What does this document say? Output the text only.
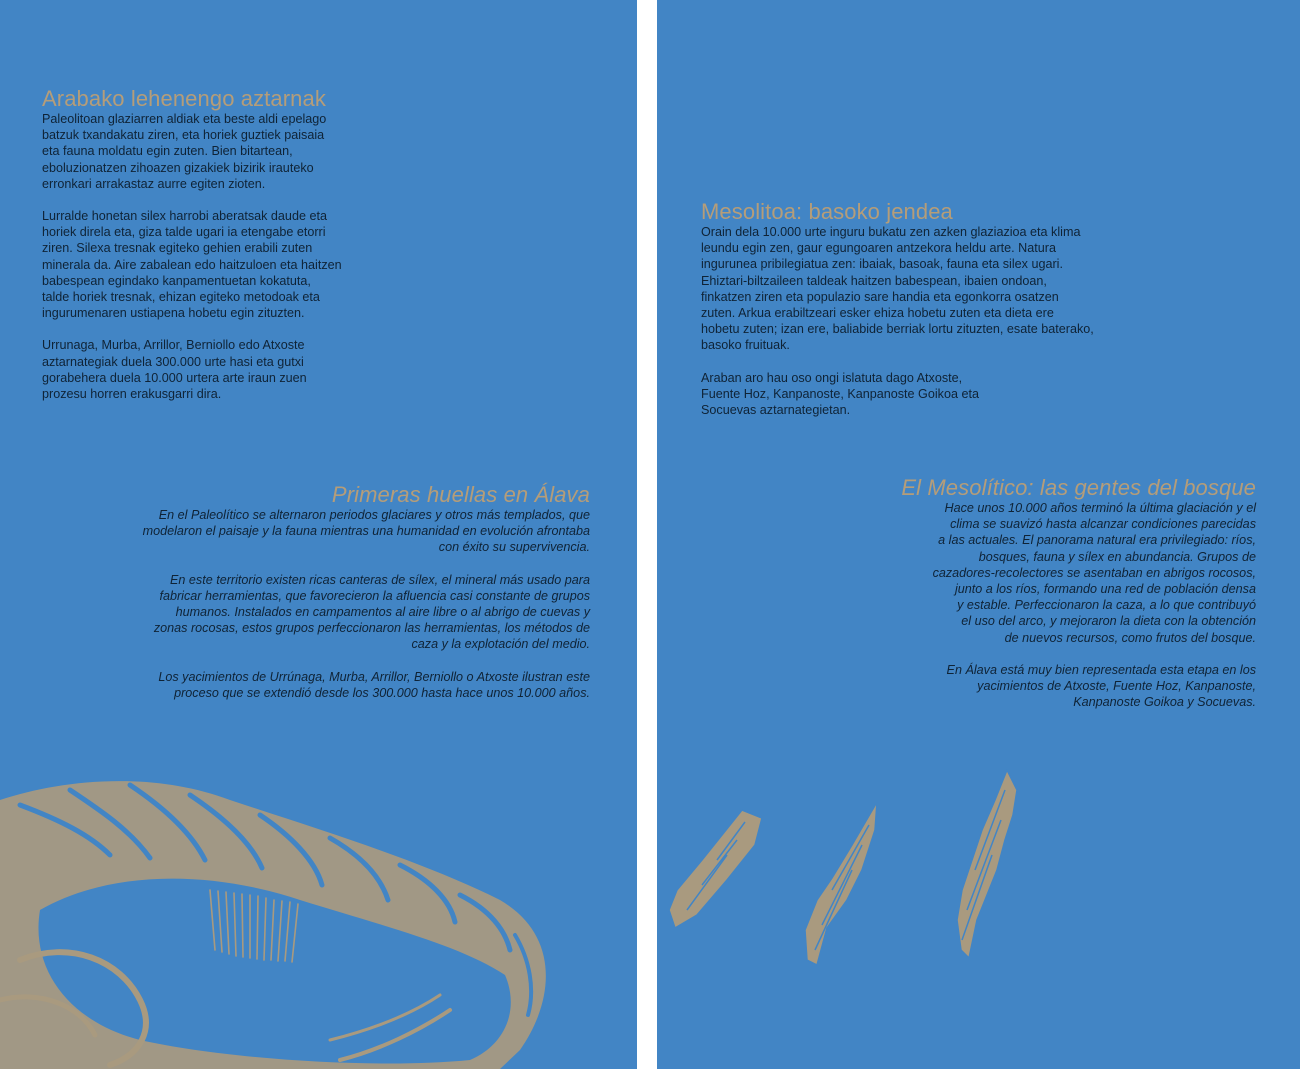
Arabako lehenengo aztarnak

Paleolitoan glaziarren aldiak eta beste aldi epelago
batzuk txandakatu ziren, eta horiek guztiek paisaia
eta fauna moldatu egin zuten. Bien bitartean,
eboluzionatzen zihoazen gizakiek bizirik irauteko
erronkari arrakastaz aurre egiten zioten.

Lurralde honetan silex harrobi aberatsak daude eta
horiek direla eta, giza talde ugari ia etengabe etorri
ziren. Silexa tresnak egiteko gehien erabili zuten
minerala da. Aire zabalean edo haitzuloen eta haitzen
babespean egindako kanpamentuetan kokatuta,
talde horiek tresnak, ehizan egiteko metodoak eta
ingurumenaren ustiapena hobetu egin zituzten.

Urrunaga, Murba, Arrillor, Berniollo edo Atxoste
aztarnategiak duela 300.000 urte hasi eta gutxi
gorabehera duela 10.000 urtera arte iraun zuen
prozesu horren erakusgarri dira.

Primeras huellas en Álava

En el Paleolítico se alternaron periodos glaciares y otros más templados, que
modelaron el paisaje y la fauna mientras una humanidad en evolución afrontaba
con éxito su supervivencia.

En este territorio existen ricas canteras de sílex, el mineral más usado para
fabricar herramientas, que favorecieron la afluencia casi constante de grupos
humanos. Instalados en campamentos al aire libre o al abrigo de cuevas y
zonas rocosas, estos grupos perfeccionaron las herramientas, los métodos de
caza y la explotación del medio.

Los yacimientos de Urrúnaga, Murba, Arrillor, Berniollo o Atxoste ilustran este
proceso que se extendió desde los 300.000 hasta hace unos 10.000 años.

Mesolitoa: basoko jendea

Orain dela 10.000 urte inguru bukatu zen azken glaziazioa eta klima
leundu egin zen, gaur egungoaren antzekora heldu arte. Natura
ingurunea pribilegiatua zen: ibaiak, basoak, fauna eta silex ugari.
Ehiztari-biltzaileen taldeak haitzen babespean, ibaien ondoan,
finkatzen ziren eta populazio sare handia eta egonkorra osatzen
zuten. Arkua erabiltzeari esker ehiza hobetu zuten eta dieta ere
hobetu zuten; izan ere, baliabide berriak lortu zituzten, esate baterako,
basoko fruituak.

Araban aro hau oso ongi islatuta dago Atxoste,
Fuente Hoz, Kanpanoste, Kanpanoste Goikoa eta
Socuevas aztarnategietan.

El Mesolítico: las gentes del bosque

Hace unos 10.000 años terminó la última glaciación y el
clima se suavizó hasta alcanzar condiciones parecidas
a las actuales. El panorama natural era privilegiado: ríos,
bosques, fauna y sílex en abundancia. Grupos de
cazadores-recolectores se asentaban en abrigos rocosos,
junto a los ríos, formando una red de población densa
y estable. Perfeccionaron la caza, a lo que contribuyó
el uso del arco, y mejoraron la dieta con la obtención
de nuevos recursos, como frutos del bosque.

En Álava está muy bien representada esta etapa en los
yacimientos de Atxoste, Fuente Hoz, Kanpanoste,
Kanpanoste Goikoa y Socuevas.
